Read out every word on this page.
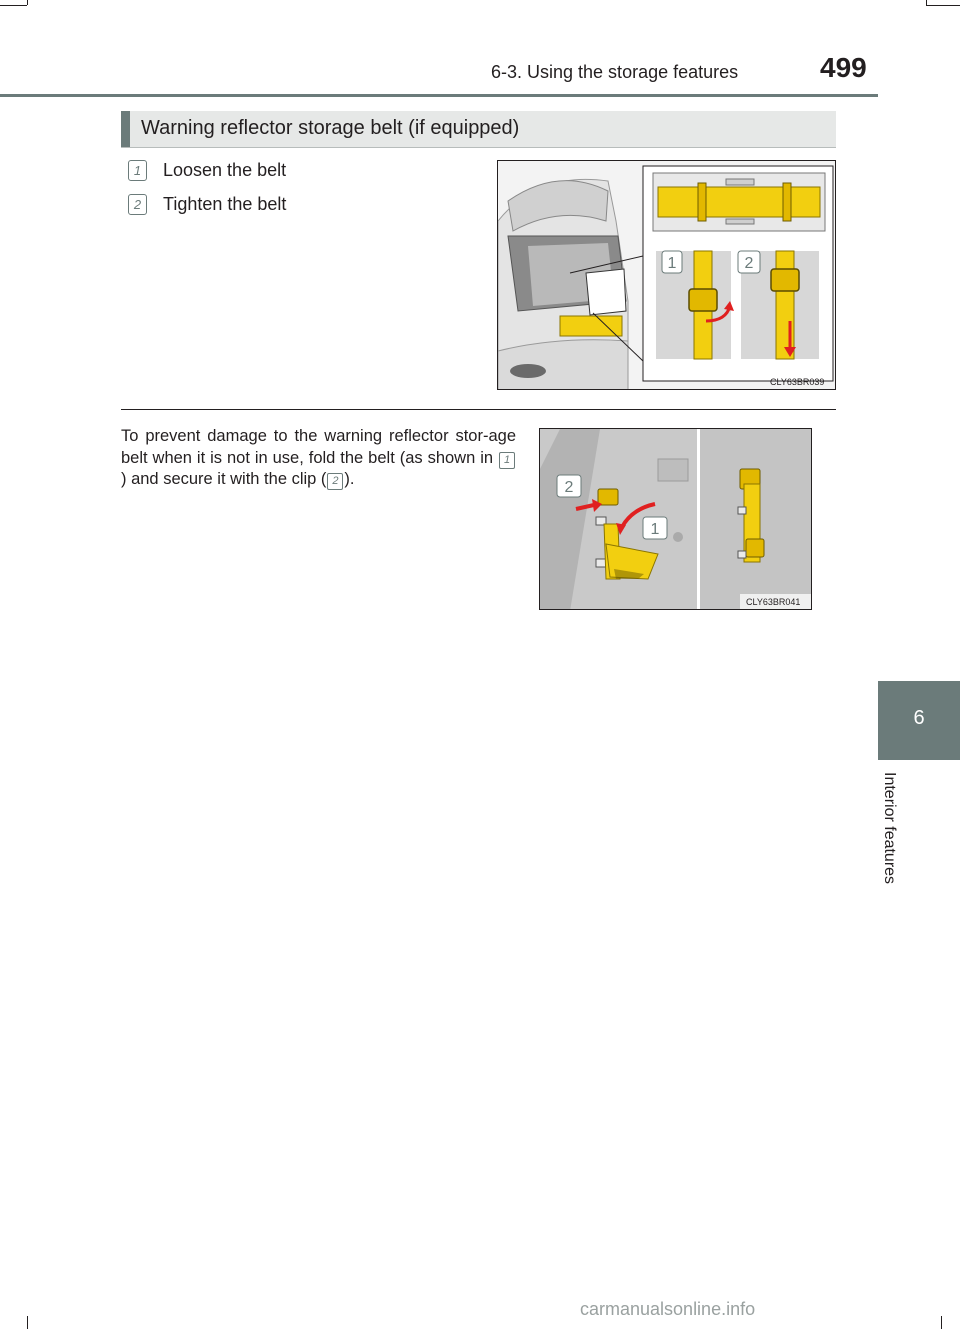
6-3. Using the storage features	499
6
Interior features
Warning reflector storage belt (if equipped)
1	Loosen the belt
2	Tighten the belt
1	2
CLY63BR039
To prevent damage to the warning reflector stor-age belt when it is not in use, fold the belt (as shown in 1) and secure it with the clip ( 2 ).	2
1
CLY63BR041
carmanualsonline.info
